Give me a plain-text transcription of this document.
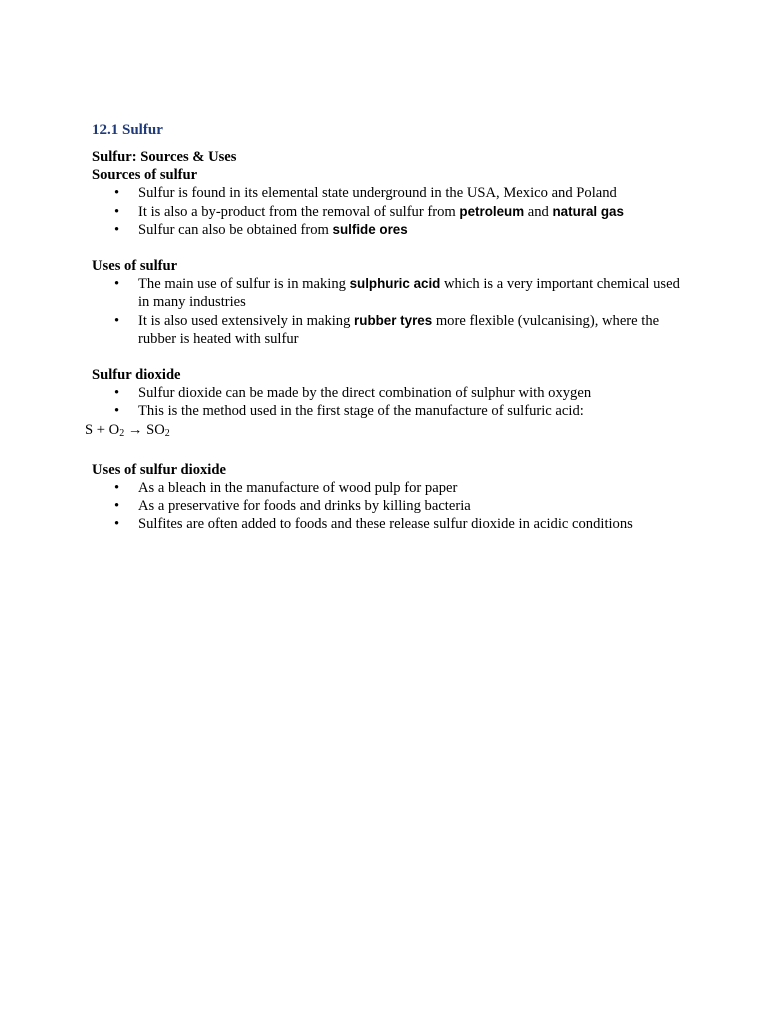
12.1 Sulfur
Sulfur: Sources & Uses
Sources of sulfur
• Sulfur is found in its elemental state underground in the USA, Mexico and Poland
• It is also a by-product from the removal of sulfur from petroleum and natural gas
• Sulfur can also be obtained from sulfide ores
Uses of sulfur
• The main use of sulfur is in making sulphuric acid which is a very important chemical used in many industries
• It is also used extensively in making rubber tyres more flexible (vulcanising), where the rubber is heated with sulfur
Sulfur dioxide
• Sulfur dioxide can be made by the direct combination of sulphur with oxygen
• This is the method used in the first stage of the manufacture of sulfuric acid:
$S + O_2 \to SO_2$
Uses of sulfur dioxide
• As a bleach in the manufacture of wood pulp for paper
• As a preservative for foods and drinks by killing bacteria
• Sulfites are often added to foods and these release sulfur dioxide in acidic conditions
